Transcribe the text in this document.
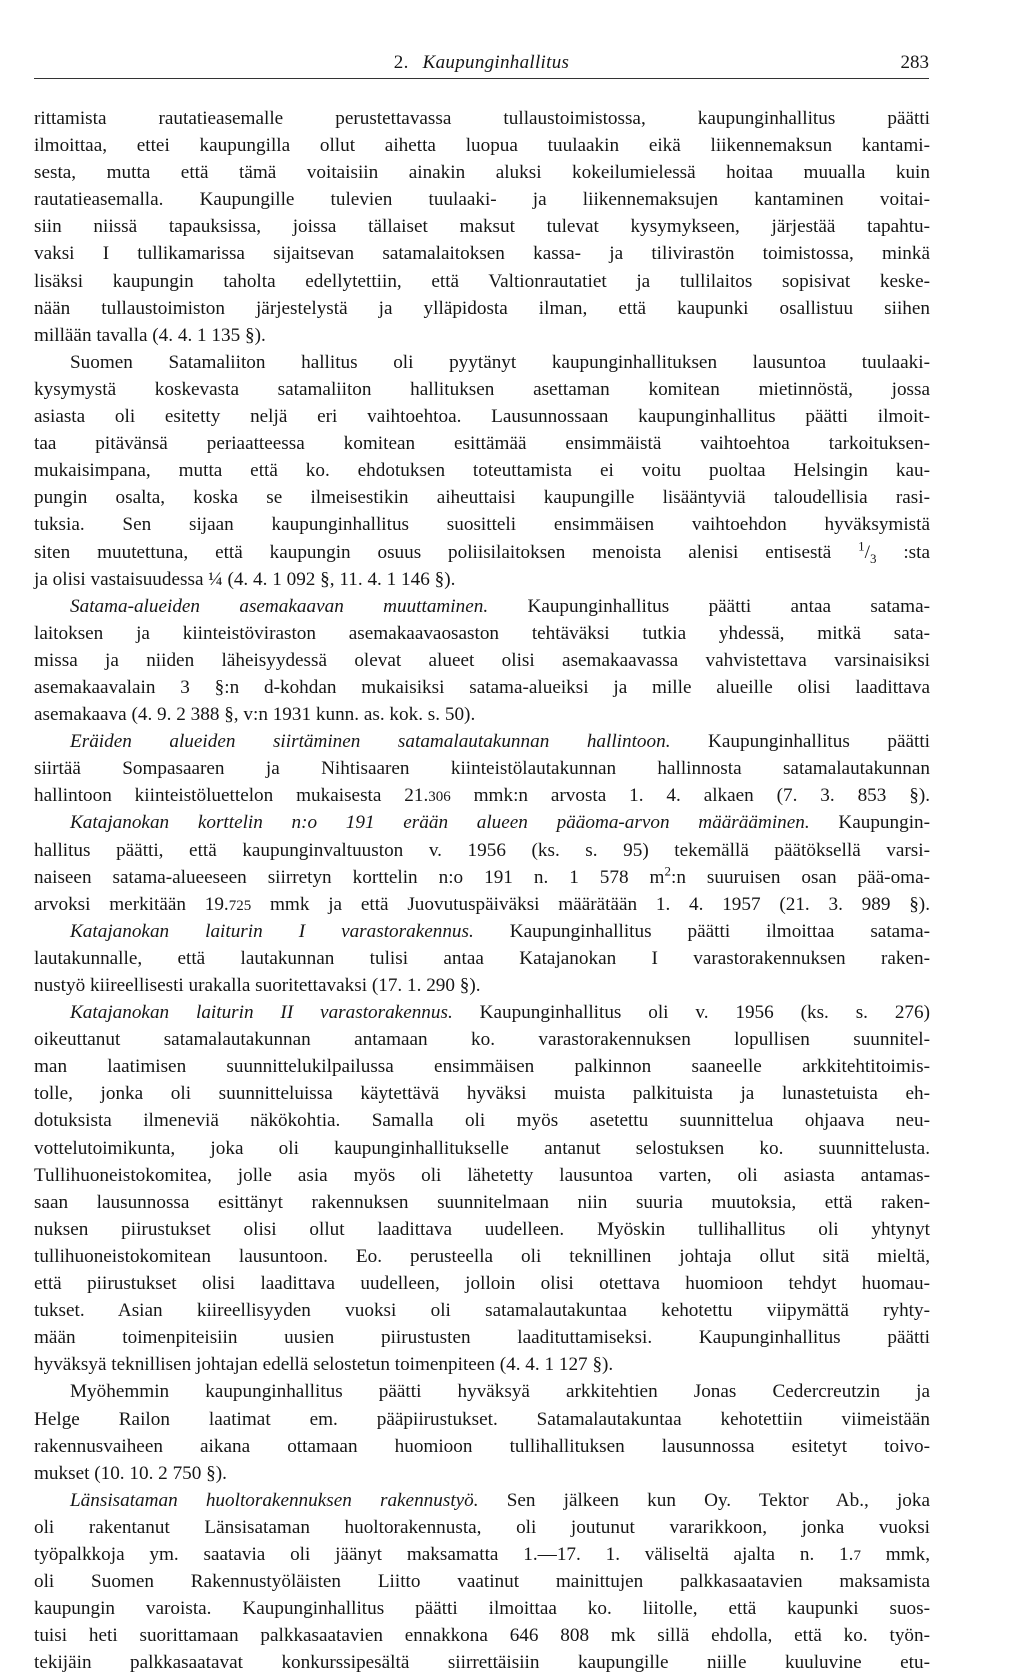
2. Kaupunginhallitus	283
rittamista rautatieasemalle perustettavassa tullaustoimistossa, kaupunginhallitus päätti
ilmoittaa, ettei kaupungilla ollut aihetta luopua tuulaakin eikä liikennemaksun kantami-
sesta, mutta että tämä voitaisiin ainakin aluksi kokeilumielessä hoitaa muualla kuin
rautatieasemalla. Kaupungille tulevien tuulaaki- ja liikennemaksujen kantaminen voitai-
siin niissä tapauksissa, joissa tällaiset maksut tulevat kysymykseen, järjestää tapahtu-
vaksi I tullikamarissa sijaitsevan satamalaitoksen kassa- ja tilivirastön toimistossa, minkä
lisäksi kaupungin taholta edellytettiin, että Valtionrautatiet ja tullilaitos sopisivat keske-
nään tullaustoimiston järjestelystä ja ylläpidosta ilman, että kaupunki osallistuu siihen
millään tavalla (4. 4. 1 135 §).
Suomen Satamaliiton hallitus oli pyytänyt kaupunginhallituksen lausuntoa tuulaaki-
kysymystä koskevasta satamaliiton hallituksen asettaman komitean mietinnöstä, jossa
asiasta oli esitetty neljä eri vaihtoehtoa. Lausunnossaan kaupunginhallitus päätti ilmoit-
taa pitävänsä periaatteessa komitean esittämää ensimmäistä vaihtoehtoa tarkoituksen-
mukaisimpana, mutta että ko. ehdotuksen toteuttamista ei voitu puoltaa Helsingin kau-
pungin osalta, koska se ilmeisestikin aiheuttaisi kaupungille lisääntyviä taloudellisia rasi-
tuksia. Sen sijaan kaupunginhallitus suositteli ensimmäisen vaihtoehdon hyväksymistä
siten muutettuna, että kaupungin osuus poliisilaitoksen menoista alenisi entisestä $^1/_3$ :sta
ja olisi vastaisuudessa ¼ (4. 4. 1 092 §, 11. 4. 1 146 §).
Satama-alueiden asemakaavan muuttaminen. Kaupunginhallitus päätti antaa satama-
laitoksen ja kiinteistöviraston asemakaavaosaston tehtäväksi tutkia yhdessä, mitkä sata-
missa ja niiden läheisyydessä olevat alueet olisi asemakaavassa vahvistettava varsinaisiksi
asemakaavalain 3 §:n d-kohdan mukaisiksi satama-alueiksi ja mille alueille olisi laadittava
asemakaava (4. 9. 2 388 §, v:n 1931 kunn. as. kok. s. 50).
Eräiden alueiden siirtäminen satamalautakunnan hallintoon. Kaupunginhallitus päätti
siirtää Sompasaaren ja Nihtisaaren kiinteistölautakunnan hallinnosta satamalautakunnan
hallintoon kiinteistöluettelon mukaisesta 21.306 mmk:n arvosta 1. 4. alkaen (7. 3. 853 §).
Katajanokan korttelin n:o 191 erään alueen pääoma-arvon määrääminen. Kaupungin-
hallitus päätti, että kaupunginvaltuuston v. 1956 (ks. s. 95) tekemällä päätöksellä varsi-
naiseen satama-alueeseen siirretyn korttelin n:o 191 n. 1 578 $m^2:n$ suuruisen osan pää-oma-
arvoksi merkitään 19.725 mmk ja että Juovutuspäiväksi määrätään 1. 4. 1957 (21. 3. 989 §).
Katajanokan laiturin I varastorakennus. Kaupunginhallitus päätti ilmoittaa satama-
lautakunnalle, että lautakunnan tulisi antaa Katajanokan I varastorakennuksen raken-
nustyö kiireellisesti urakalla suoritettavaksi (17. 1. 290 §).
Katajanokan laiturin II varastorakennus. Kaupunginhallitus oli v. 1956 (ks. s. 276)
oikeuttanut satamalautakunnan antamaan ko. varastorakennuksen lopullisen suunnitel-
man laatimisen suunnittelukilpailussa ensimmäisen palkinnon saaneelle arkkitehtitoimis-
tolle, jonka oli suunnitteluissa käytettävä hyväksi muista palkituista ja lunastetuista eh-
dotuksista ilmeneviä näkökohtia. Samalla oli myös asetettu suunnittelua ohjaava neu-
vottelutoimikunta, joka oli kaupunginhallitukselle antanut selostuksen ko. suunnittelusta.
Tullihuoneistokomitea, jolle asia myös oli lähetetty lausuntoa varten, oli asiasta antamas-
saan lausunnossa esittänyt rakennuksen suunnitelmaan niin suuria muutoksia, että raken-
nuksen piirustukset olisi ollut laadittava uudelleen. Myöskin tullihallitus oli yhtynyt
tullihuoneistokomitean lausuntoon. Eo. perusteella oli teknillinen johtaja ollut sitä mieltä,
että piirustukset olisi laadittava uudelleen, jolloin olisi otettava huomioon tehdyt huomau-
tukset. Asian kiireellisyyden vuoksi oli satamalautakuntaa kehotettu viipymättä ryhty-
mään toimenpiteisiin uusien piirustusten laadituttamiseksi. Kaupunginhallitus päätti
hyväksyä teknillisen johtajan edellä selostetun toimenpiteen (4. 4. 1 127 §).
Myöhemmin kaupunginhallitus päätti hyväksyä arkkitehtien Jonas Cedercreutzin ja
Helge Railon laatimat em. pääpiirustukset. Satamalautakuntaa kehotettiin viimeistään
rakennusvaiheen aikana ottamaan huomioon tullihallituksen lausunnossa esitetyt toivo-
mukset (10. 10. 2 750 §).
Länsisataman huoltorakennuksen rakennustyö. Sen jälkeen kun Oy. Tektor Ab., joka
oli rakentanut Länsisataman huoltorakennusta, oli joutunut vararikkoon, jonka vuoksi
työpalkkoja ym. saatavia oli jäänyt maksamatta 1.—17. 1. väliseltä ajalta n. 1.7 mmk,
oli Suomen Rakennustyöläisten Liitto vaatinut mainittujen palkkasaatavien maksamista
kaupungin varoista. Kaupunginhallitus päätti ilmoittaa ko. liitolle, että kaupunki suos-
tuisi heti suorittamaan palkkasaatavien ennakkona 646 808 mk sillä ehdolla, että ko. työn-
tekijäin palkkasaatavat konkurssipesältä siirrettäisiin kaupungille niille kuuluvine etu-
